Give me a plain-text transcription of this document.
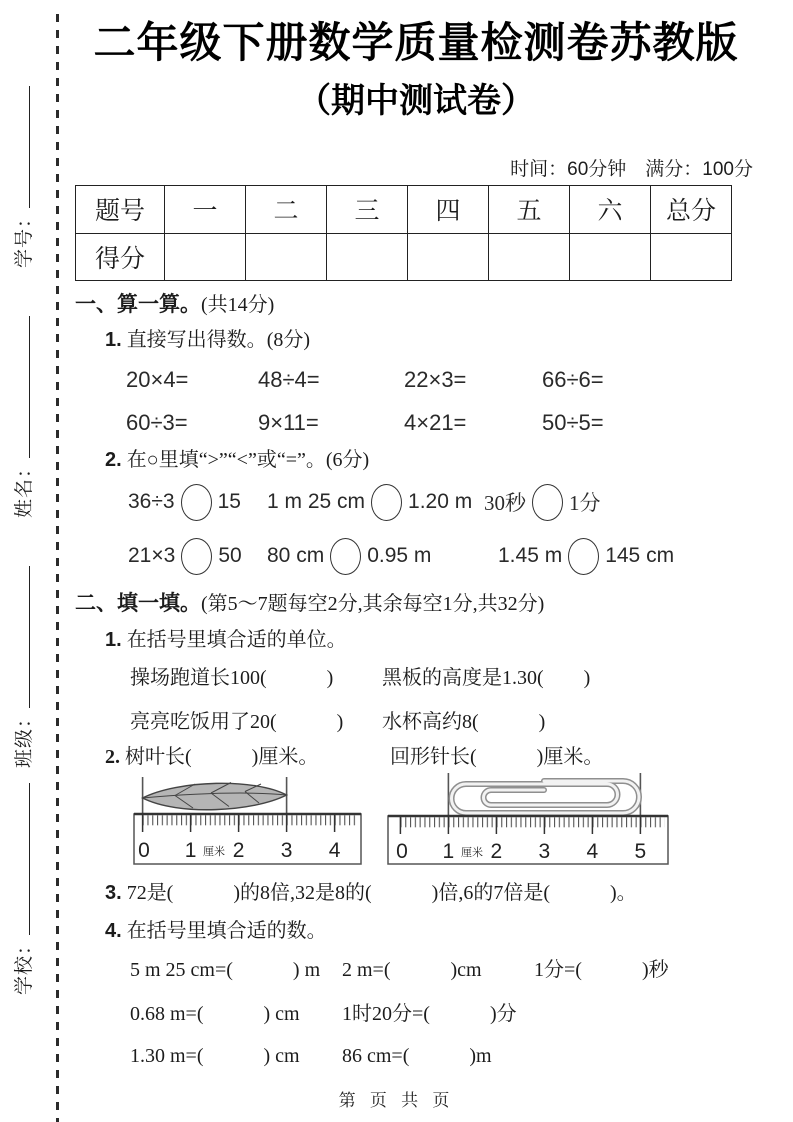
学号：
姓名：
班级：
学校：
二年级下册数学质量检测卷苏教版
（期中测试卷）
时间：60分钟　满分：100分
题号	一	二	三	四	五	六	总分
得分							
一、算一算。(共14分)
1. 直接写出得数。(8分)
20×4=	48÷4=	22×3=	66÷6=
60÷3=	9×11=	4×21=	50÷5=
2. 在○里填“>”“<”或“=”。(6分)
36÷3 15 1 m 25 cm 1.20 m 30秒 1分
21×3 50 80 cm 0.95 m	1.45 m 145 cm
二、填一填。(第5～7题每空2分,其余每空1分,共32分)
1. 在括号里填合适的单位。
操场跑道长100(　　　)	黑板的高度是1.30(　　)
亮亮吃饭用了20(　　　)	水杯高约8(　　　)
2. 树叶长(　　　)厘米。	回形针长(　　　)厘米。
0 1 2 3 4
厘米	0 1 2 3 4 5
厘米
3. 72是(　　　)的8倍,32是8的(　　　)倍,6的7倍是(　　　)。
4. 在括号里填合适的数。
5 m 25 cm=(　　　) m	2 m=(　　　)cm	1分=(　　　)秒
0.68 m=(　　　) cm	1时20分=(　　　)分
1.30 m=(　　　) cm	86 cm=(　　　)m
第 页 共 页
